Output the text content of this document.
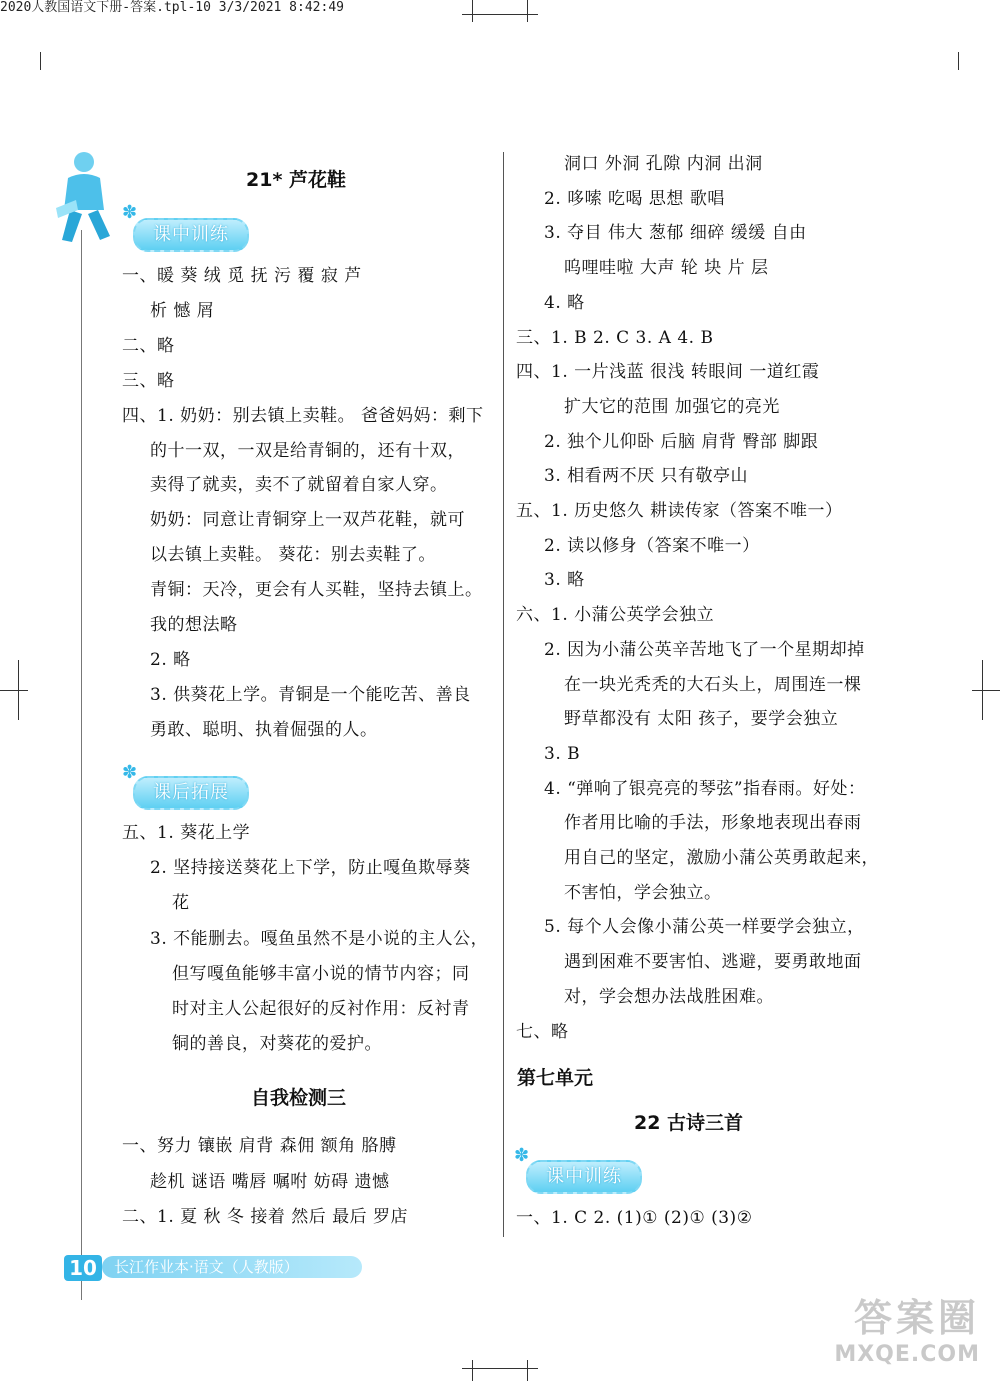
2020人教国语文下册-答案.tpl-10 3/3/2021 8:42:49
21* 芦花鞋
✽
课中训练
一、暖 葵 绒 觅 抚 污 覆 寂 芦
析 憾 屑
二、略
三、略
四、1. 奶奶：别去镇上卖鞋。 爸爸妈妈：剩下
的十一双，一双是给青铜的，还有十双，
卖得了就卖，卖不了就留着自家人穿。
奶奶：同意让青铜穿上一双芦花鞋，就可
以去镇上卖鞋。 葵花：别去卖鞋了。
青铜：天冷，更会有人买鞋，坚持去镇上。
我的想法略
2. 略
3. 供葵花上学。青铜是一个能吃苦、善良
勇敢、聪明、执着倔强的人。
✽
课后拓展
五、1. 葵花上学
2. 坚持接送葵花上下学，防止嘎鱼欺辱葵
花
3. 不能删去。嘎鱼虽然不是小说的主人公，
但写嘎鱼能够丰富小说的情节内容；同
时对主人公起很好的反衬作用：反衬青
铜的善良，对葵花的爱护。
自我检测三
一、努力 镶嵌 肩背 森佣 额角 胳膊
趁机 谜语 嘴唇 嘱咐 妨碍 遗憾
二、1. 夏 秋 冬 接着 然后 最后 罗店
洞口 外洞 孔隙 内洞 出洞
2. 哆嗦 吃喝 思想 歌唱
3. 夺目 伟大 葱郁 细碎 缓缓 自由
呜哩哇啦 大声 轮 块 片 层
4. 略
三、1. B 2. C 3. A 4. B
四、1. 一片浅蓝 很浅 转眼间 一道红霞
扩大它的范围 加强它的亮光
2. 独个儿仰卧 后脑 肩背 臀部 脚跟
3. 相看两不厌 只有敬亭山
五、1. 历史悠久 耕读传家（答案不唯一）
2. 读以修身（答案不唯一）
3. 略
六、1. 小蒲公英学会独立
2. 因为小蒲公英辛苦地飞了一个星期却掉
在一块光秃秃的大石头上，周围连一棵
野草都没有 太阳 孩子，要学会独立
3. B
4. “弹响了银亮亮的琴弦”指春雨。好处：
作者用比喻的手法，形象地表现出春雨
用自己的坚定，激励小蒲公英勇敢起来，
不害怕，学会独立。
5. 每个人会像小蒲公英一样要学会独立，
遇到困难不要害怕、逃避，要勇敢地面
对，学会想办法战胜困难。
七、略
第七单元
22 古诗三首
✽
课中训练
一、1. C 2. (1)① (2)① (3)②
10	长江作业本·语文（人教版）
答案圈
MXQE.COM
